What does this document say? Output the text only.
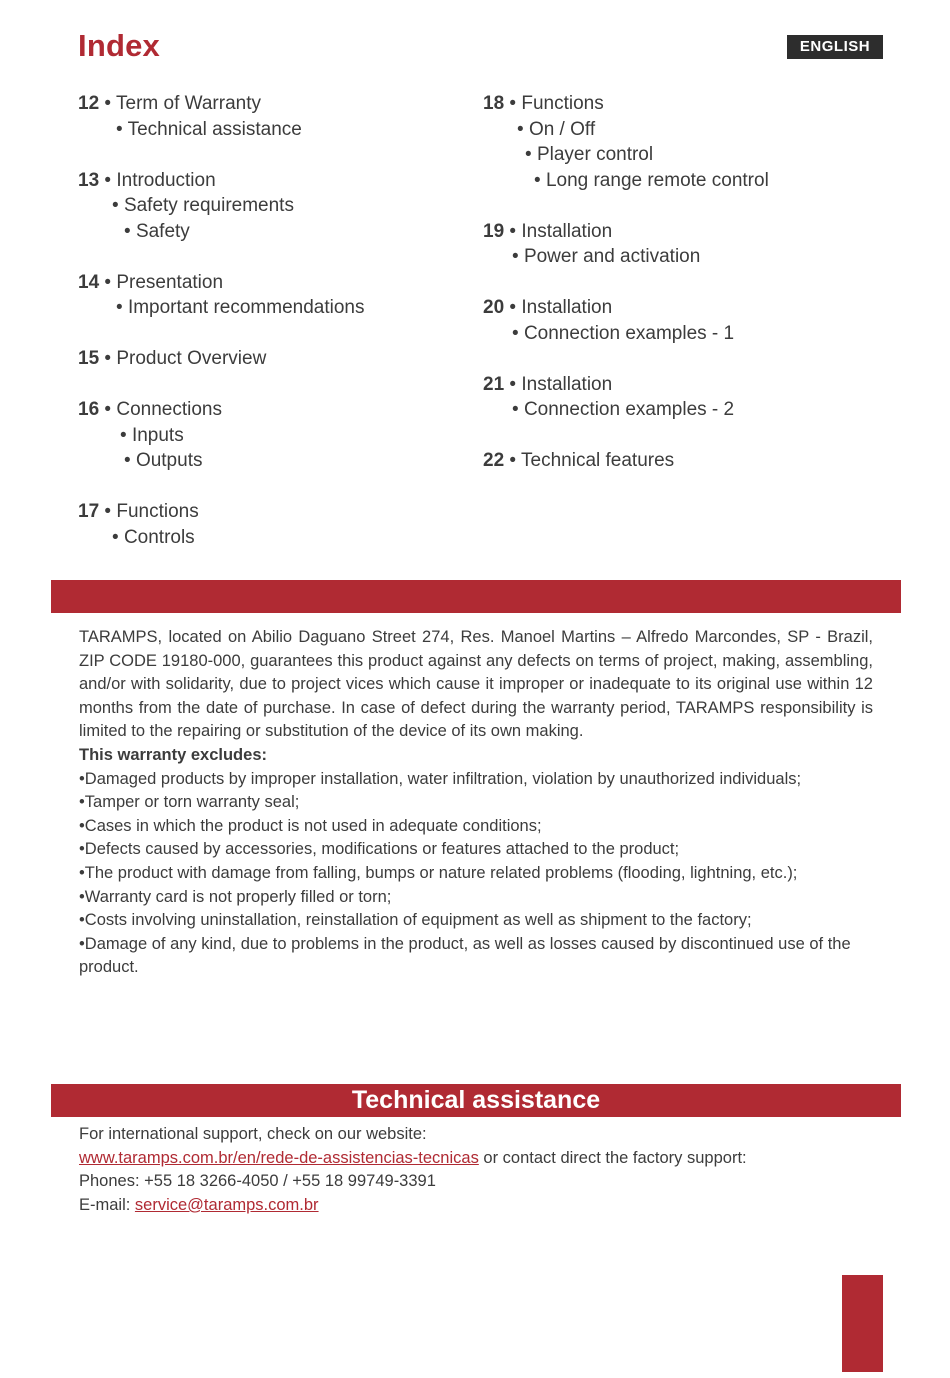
Index	ENGLISH
12 • Term of Warranty
• Technical assistance
13 • Introduction
• Safety requirements
• Safety
14 • Presentation
• Important recommendations
15 • Product Overview
16 • Connections
• Inputs
• Outputs
17 • Functions
• Controls
18 • Functions
• On / Off
• Player control
• Long range remote control
19 • Installation
• Power and activation
20 • Installation
• Connection examples - 1
21 • Installation
• Connection examples - 2
22 • Technical features

TARAMPS, located on Abilio Daguano Street 274, Res. Manoel Martins – Alfredo Marcondes, SP - Brazil, ZIP CODE 19180-000, guarantees this product against any defects on terms of project, making, assembling, and/or with solidarity, due to project vices which cause it improper or inadequate to its original use within 12 months from the date of purchase. In case of defect during the warranty period, TARAMPS responsibility is limited to the repairing or substitution of the device of its own making.

This warranty excludes:
•Damaged products by improper installation, water infiltration, violation by unauthorized individuals;
•Tamper or torn warranty seal;
•Cases in which the product is not used in adequate conditions;
•Defects caused by accessories, modifications or features attached to the product;
•The product with damage from falling, bumps or nature related problems (flooding, lightning, etc.);
•Warranty card is not properly filled or torn;
•Costs involving uninstallation, reinstallation of equipment as well as shipment to the factory;
•Damage of any kind, due to problems in the product, as well as losses caused by discontinued use of the product.
Technical assistance
For international support, check on our website:
www.taramps.com.br/en/rede-de-assistencias-tecnicas or contact direct the factory support:
Phones: +55 18 3266-4050 / +55 18 99749-3391
E-mail: service@taramps.com.br
